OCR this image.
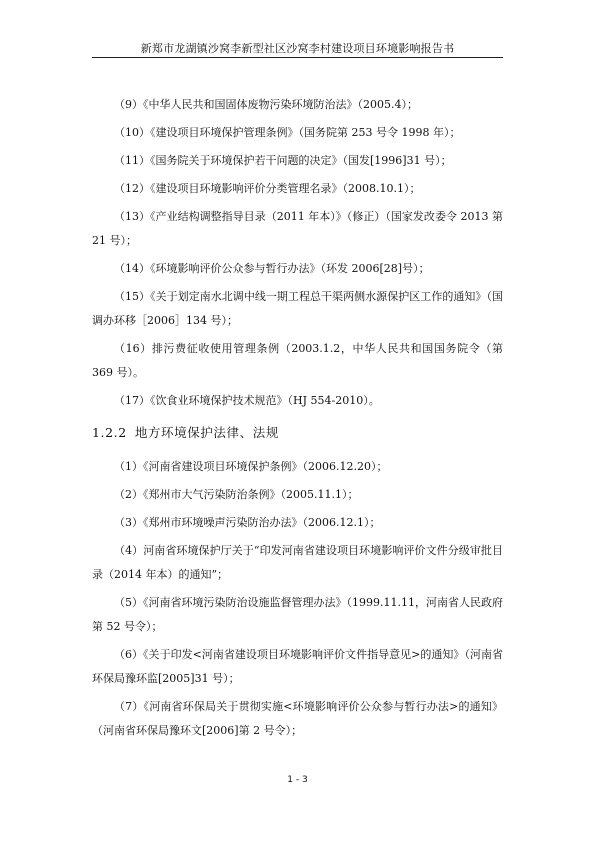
新郑市龙湖镇沙窝李新型社区沙窝李村建设项目环境影响报告书

（9）《中华人民共和国固体废物污染环境防治法》（2005.4）；

（10）《建设项目环境保护管理条例》（国务院第 253 号令 1998 年）；

（11）《国务院关于环境保护若干问题的决定》（国发[1996]31 号）；

（12）《建设项目环境影响评价分类管理名录》（2008.10.1）；

（13）《产业结构调整指导目录（2011 年本）》（修正）（国家发改委令 2013 第 21 号）；

（14）《环境影响评价公众参与暂行办法》（环发 2006[28]号）；

（15）《关于划定南水北调中线一期工程总干渠两侧水源保护区工作的通知》（国调办环移［2006］134 号）；

（16）排污费征收使用管理条例（2003.1.2，中华人民共和国国务院令（第 369 号）。

（17）《饮食业环境保护技术规范》（HJ 554-2010）。

1.2.2 地方环境保护法律、法规

（1）《河南省建设项目环境保护条例》（2006.12.20）；

（2）《郑州市大气污染防治条例》（2005.11.1）；

（3）《郑州市环境噪声污染防治办法》（2006.12.1）；

（4）河南省环境保护厅关于“印发河南省建设项目环境影响评价文件分级审批目录（2014 年本）的通知”；

（5）《河南省环境污染防治设施监督管理办法》（1999.11.11，河南省人民政府第 52 号令）；

（6）《关于印发<河南省建设项目环境影响评价文件指导意见>的通知》（河南省环保局豫环监[2005]31 号）；

（7）《河南省环保局关于贯彻实施<环境影响评价公众参与暂行办法>的通知》（河南省环保局豫环文[2006]第 2 号令）；

1 - 3
